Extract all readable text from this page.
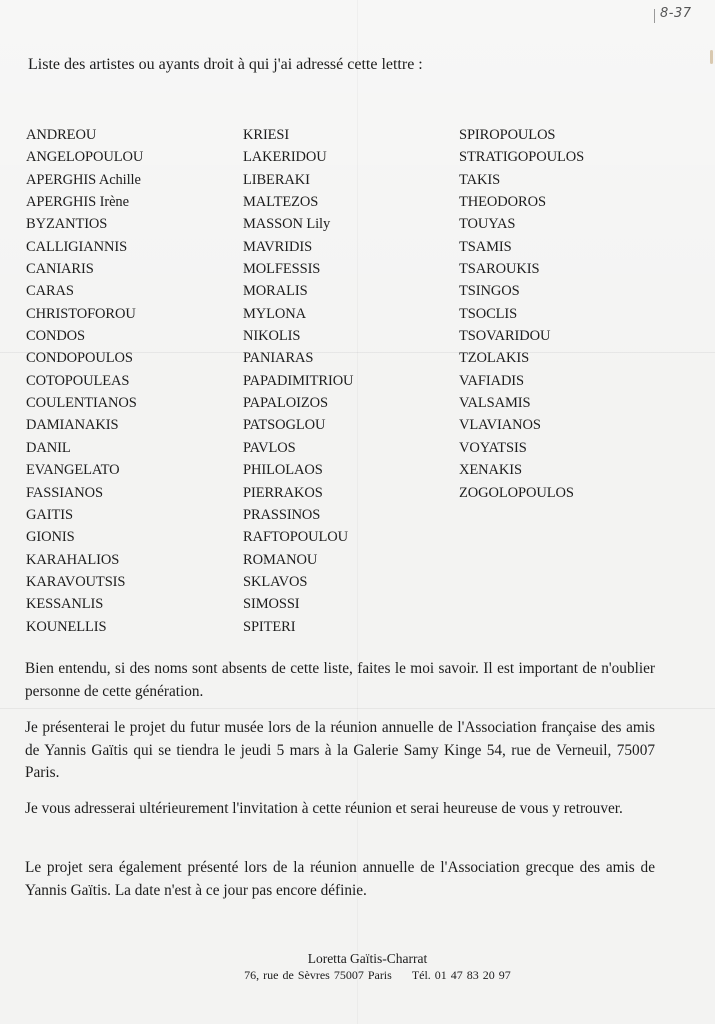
8-37
Liste des artistes ou ayants droit à qui j'ai adressé cette lettre :
ANDREOU
ANGELOPOULOU
APERGHIS Achille
APERGHIS Irène
BYZANTIOS
CALLIGIANNIS
CANIARIS
CARAS
CHRISTOFOROU
CONDOS
CONDOPOULOS
COTOPOULEAS
COULENTIANOS
DAMIANAKIS
DANIL
EVANGELATO
FASSIANOS
GAITIS
GIONIS
KARAHALIOS
KARAVOUTSIS
KESSANLIS
KOUNELLIS
KRIESI
LAKERIDOU
LIBERAKI
MALTEZOS
MASSON Lily
MAVRIDIS
MOLFESSIS
MORALIS
MYLONA
NIKOLIS
PANIARAS
PAPADIMITRIOU
PAPALOIZOS
PATSOGLOU
PAVLOS
PHILOLAOS
PIERRAKOS
PRASSINOS
RAFTOPOULOU
ROMANOU
SKLAVOS
SIMOSSI
SPITERI
SPIROPOULOS
STRATIGOPOULOS
TAKIS
THEODOROS
TOUYAS
TSAMIS
TSAROUKIS
TSINGOS
TSOCLIS
TSOVARIDOU
TZOLAKIS
VAFIADIS
VALSAMIS
VLAVIANOS
VOYATSIS
XENAKIS
ZOGOLOPOULOS

Bien entendu, si des noms sont absents de cette liste, faites le moi savoir. Il est important de n'oublier personne de cette génération.

Je présenterai le projet du futur musée lors de la réunion annuelle de l'Association française des amis de Yannis Gaïtis qui se tiendra le jeudi 5 mars à la Galerie Samy Kinge 54, rue de Verneuil, 75007 Paris.

Je vous adresserai ultérieurement l'invitation à cette réunion et serai heureuse de vous y retrouver.

Le projet sera également présenté lors de la réunion annuelle de l'Association grecque des amis de Yannis Gaïtis. La date n'est à ce jour pas encore définie.

Loretta Gaïtis-Charrat
76, rue de Sèvres 75007 Paris Tél. 01 47 83 20 97
